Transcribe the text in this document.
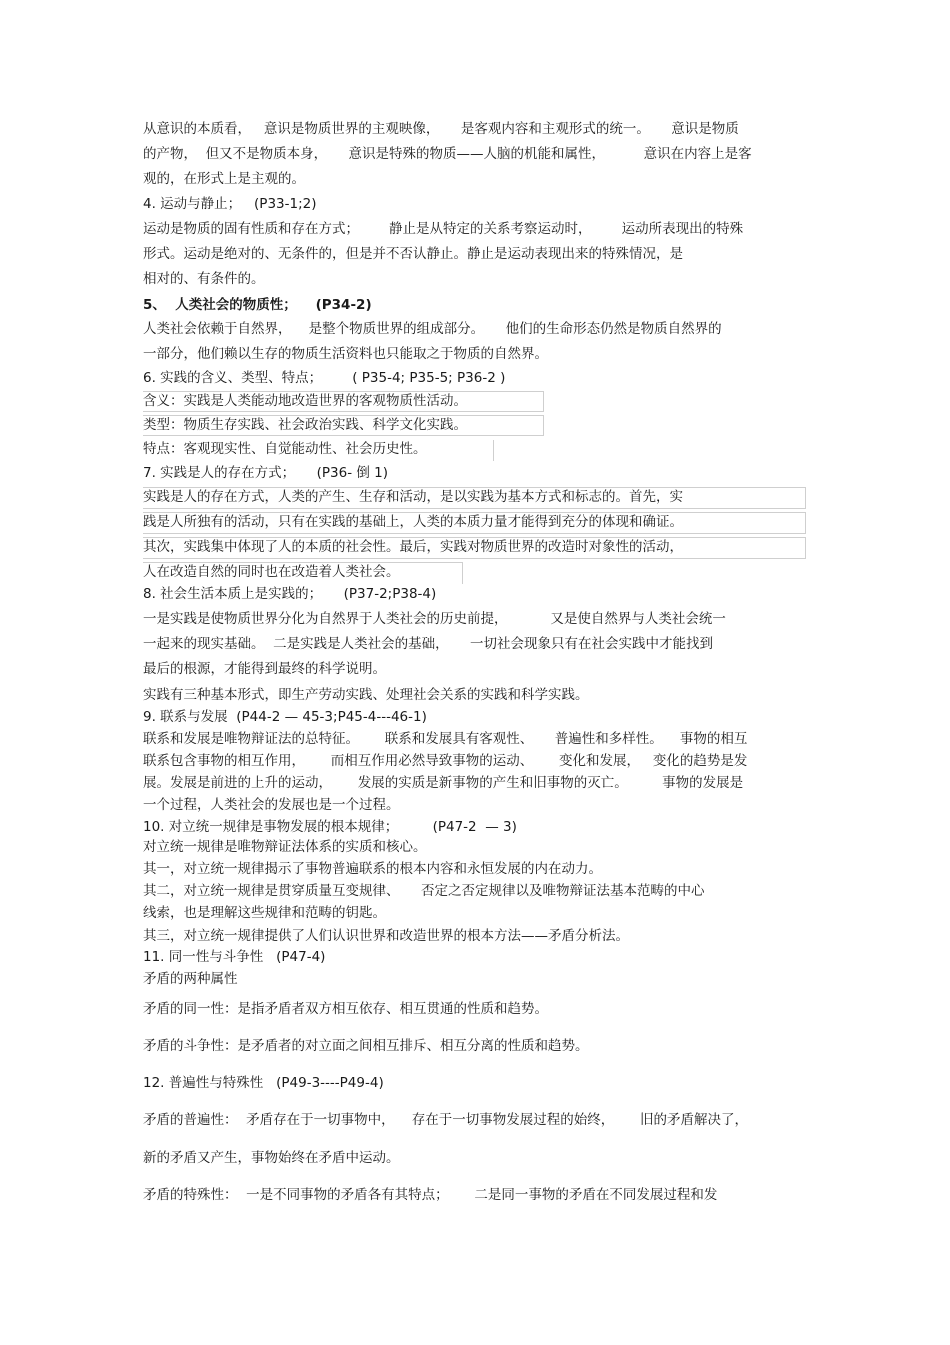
从意识的本质看，   意识是物质世界的主观映像，     是客观内容和主观形式的统一。     意识是物质
的产物，  但又不是物质本身，     意识是特殊的物质——人脑的机能和属性，         意识在内容上是客
观的，在形式上是主观的。
4. 运动与静止；   (P33-1;2)
运动是物质的固有性质和存在方式；       静止是从特定的关系考察运动时，       运动所表现出的特殊
形式。运动是绝对的、无条件的，但是并不否认静止。静止是运动表现出来的特殊情况，是
相对的、有条件的。
5、  人类社会的物质性；    (P34-2)
人类社会依赖于自然界，    是整个物质世界的组成部分。     他们的生命形态仍然是物质自然界的
一部分，他们赖以生存的物质生活资料也只能取之于物质的自然界。
6. 实践的含义、类型、特点；       ( P35-4; P35-5; P36-2 )
含义：实践是人类能动地改造世界的客观物质性活动。
类型：物质生存实践、社会政治实践、科学文化实践。
特点：客观现实性、自觉能动性、社会历史性。
7. 实践是人的存在方式；     (P36- 倒 1)
实践是人的存在方式，人类的产生、生存和活动，是以实践为基本方式和标志的。首先，实
践是人所独有的活动，只有在实践的基础上，人类的本质力量才能得到充分的体现和确证。
其次，实践集中体现了人的本质的社会性。最后，实践对物质世界的改造时对象性的活动，
人在改造自然的同时也在改造着人类社会。
8. 社会生活本质上是实践的；     (P37-2;P38-4)
一是实践是使物质世界分化为自然界于人类社会的历史前提，          又是使自然界与人类社会统一
一起来的现实基础。  二是实践是人类社会的基础，     一切社会现象只有在社会实践中才能找到
最后的根源，才能得到最终的科学说明。
实践有三种基本形式，即生产劳动实践、处理社会关系的实践和科学实践。
9. 联系与发展  (P44-2 — 45-3;P45-4---46-1)
联系和发展是唯物辩证法的总特征。      联系和发展具有客观性、     普遍性和多样性。    事物的相互
联系包含事物的相互作用，      而相互作用必然导致事物的运动、      变化和发展，   变化的趋势是发
展。发展是前进的上升的运动，      发展的实质是新事物的产生和旧事物的灭亡。        事物的发展是
一个过程，人类社会的发展也是一个过程。
10. 对立统一规律是事物发展的根本规律；        (P47-2  — 3)
对立统一规律是唯物辩证法体系的实质和核心。
其一，对立统一规律揭示了事物普遍联系的根本内容和永恒发展的内在动力。
其二，对立统一规律是贯穿质量互变规律、     否定之否定规律以及唯物辩证法基本范畴的中心
线索，也是理解这些规律和范畴的钥匙。
其三，对立统一规律提供了人们认识世界和改造世界的根本方法——矛盾分析法。
11. 同一性与斗争性   (P47-4)
矛盾的两种属性
矛盾的同一性：是指矛盾者双方相互依存、相互贯通的性质和趋势。
矛盾的斗争性：是矛盾者的对立面之间相互排斥、相互分离的性质和趋势。
12. 普遍性与特殊性   (P49-3----P49-4)
矛盾的普遍性：  矛盾存在于一切事物中，    存在于一切事物发展过程的始终，      旧的矛盾解决了，
新的矛盾又产生，事物始终在矛盾中运动。
矛盾的特殊性：  一是不同事物的矛盾各有其特点；      二是同一事物的矛盾在不同发展过程和发
